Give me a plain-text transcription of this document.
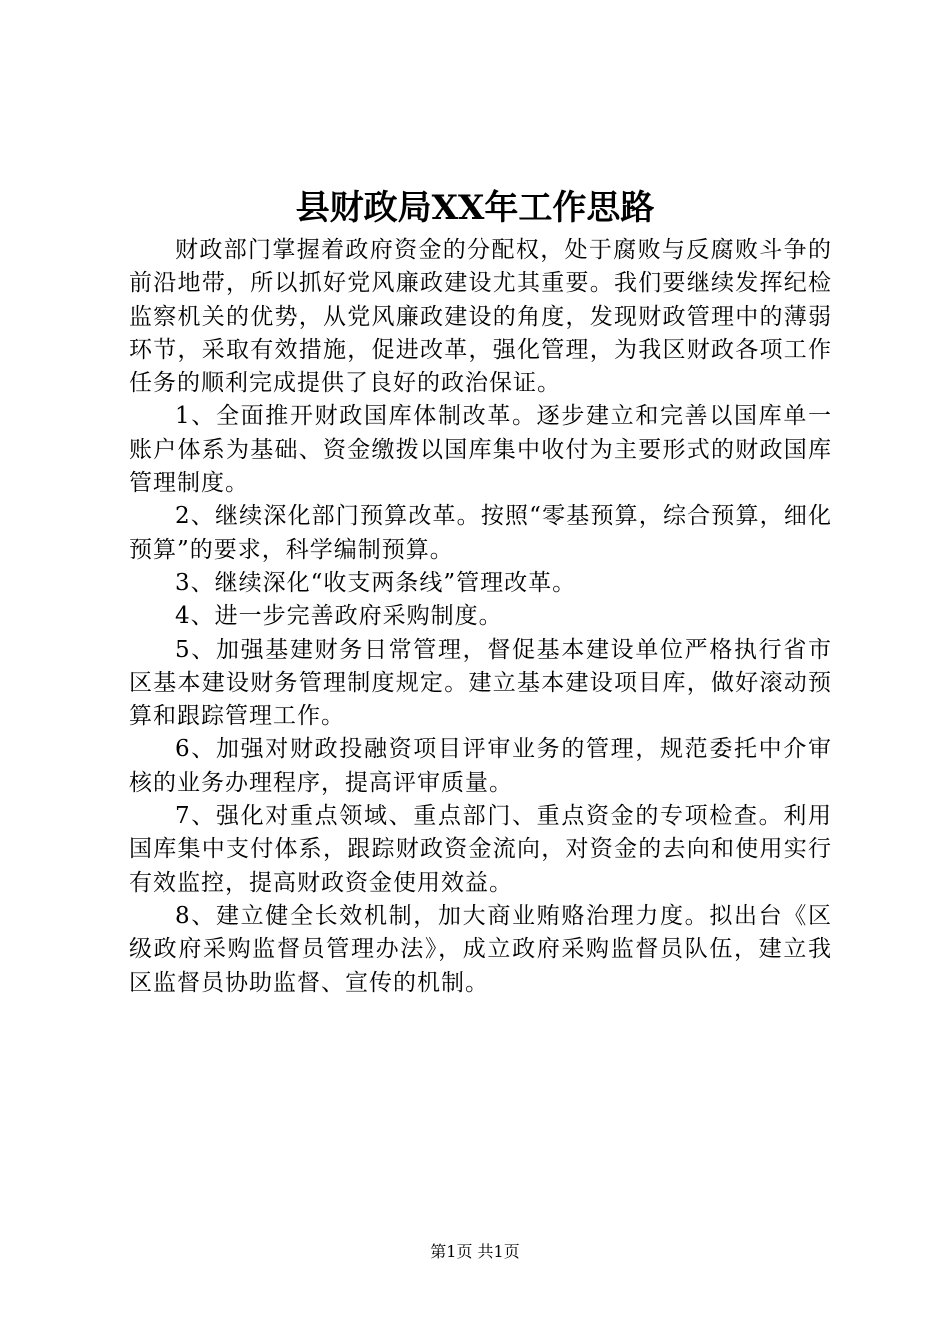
县财政局XX年工作思路

财政部门掌握着政府资金的分配权，处于腐败与反腐败斗争的前沿地带，所以抓好党风廉政建设尤其重要。我们要继续发挥纪检监察机关的优势，从党风廉政建设的角度，发现财政管理中的薄弱环节，采取有效措施，促进改革，强化管理，为我区财政各项工作任务的顺利完成提供了良好的政治保证。

1、全面推开财政国库体制改革。逐步建立和完善以国库单一账户体系为基础、资金缴拨以国库集中收付为主要形式的财政国库管理制度。

2、继续深化部门预算改革。按照“零基预算，综合预算，细化预算”的要求，科学编制预算。

3、继续深化“收支两条线”管理改革。

4、进一步完善政府采购制度。

5、加强基建财务日常管理，督促基本建设单位严格执行省市区基本建设财务管理制度规定。建立基本建设项目库，做好滚动预算和跟踪管理工作。

6、加强对财政投融资项目评审业务的管理，规范委托中介审核的业务办理程序，提高评审质量。

7、强化对重点领域、重点部门、重点资金的专项检查。利用国库集中支付体系，跟踪财政资金流向，对资金的去向和使用实行有效监控，提高财政资金使用效益。

8、建立健全长效机制，加大商业贿赂治理力度。拟出台《区级政府采购监督员管理办法》，成立政府采购监督员队伍，建立我区监督员协助监督、宣传的机制。

第1页 共1页
